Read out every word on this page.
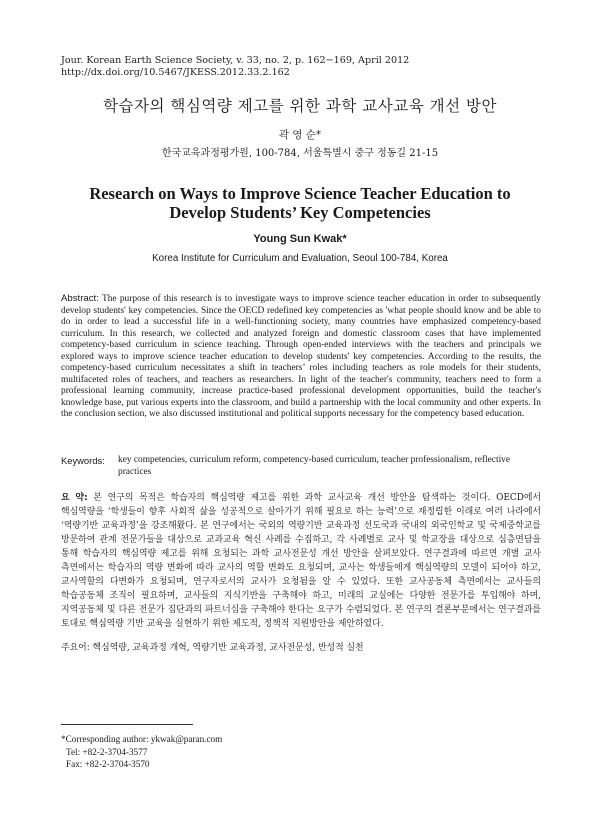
Jour. Korean Earth Science Society, v. 33, no. 2, p. 162−169, April 2012
http://dx.doi.org/10.5467/JKESS.2012.33.2.162
학습자의 핵심역량 제고를 위한 과학 교사교육 개선 방안
곽 영 순*
한국교육과정평가원, 100-784, 서울특별시 중구 정동길 21-15
Research on Ways to Improve Science Teacher Education to
Develop Students’ Key Competencies
Young Sun Kwak*
Korea Institute for Curriculum and Evaluation, Seoul 100-784, Korea
Abstract: The purpose of this research is to investigate ways to improve science teacher education in order to subsequently develop students' key competencies. Since the OECD redefined key competencies as 'what people should know and be able to do in order to lead a successful life in a well-functioning society, many countries have emphasized competency-based curriculum. In this research, we collected and analyzed foreign and domestic classroom cases that have implemented competency-based curriculum in science teaching. Through open-ended interviews with the teachers and principals we explored ways to improve science teacher education to develop students' key competencies. According to the results, the competency-based curriculum necessitates a shift in teachers’ roles including teachers as role models for their students, multifaceted roles of teachers, and teachers as researchers. In light of the teacher's community, teachers need to form a professional learning community, increase practice-based professional development opportunities, build the teacher's knowledge base, put various experts into the classroom, and build a partnership with the local community and other experts. In the conclusion section, we also discussed institutional and political supports necessary for the competency based education.
Keywords:	key competencies, curriculum reform, competency-based curriculum, teacher professionalism, reflective practices
요 약: 본 연구의 목적은 학습자의 핵심역량 제고를 위한 과학 교사교육 개선 방안을 탐색하는 것이다. OECD에서 핵심역량을 ‘학생들이 향후 사회적 삶을 성공적으로 살아가기 위해 필요로 하는 능력’으로 재정립한 이래로 여러 나라에서 ‘역량기반 교육과정’을 강조해왔다. 본 연구에서는 국외의 역량기반 교육과정 선도국과 국내의 외국인학교 및 국제중학교를 방문하여 관계 전문가들을 대상으로 교과교육 혁신 사례를 수집하고, 각 사례별로 교사 및 학교장을 대상으로 심층면담을 통해 학습자의 핵심역량 제고를 위해 요청되는 과학 교사전문성 개선 방안을 살펴보았다. 연구결과에 따르면 개별 교사 측면에서는 학습자의 역량 변화에 따라 교사의 역할 변화도 요청되며, 교사는 학생들에게 핵심역량의 모델이 되어야 하고, 교사역할의 다변화가 요청되며, 연구자로서의 교사가 요청됨을 알 수 있었다. 또한 교사공동체 측면에서는 교사들의 학습공동체 조직이 필요하며, 교사들의 지식기반을 구축해야 하고, 미래의 교실에는 다양한 전문가를 투입해야 하며, 지역공동체 및 다른 전문가 집단과의 파트너십을 구축해야 한다는 요구가 수렴되었다. 본 연구의 결론부분에서는 연구결과를 토대로 핵심역량 기반 교육을 실현하기 위한 제도적, 정책적 지원방안을 제안하였다.
주요어: 핵심역량, 교육과정 개혁, 역량기반 교육과정, 교사전문성, 반성적 실천
*Corresponding author: ykwak@paran.com
Tel: +82-2-3704-3577
Fax: +82-2-3704-3570
